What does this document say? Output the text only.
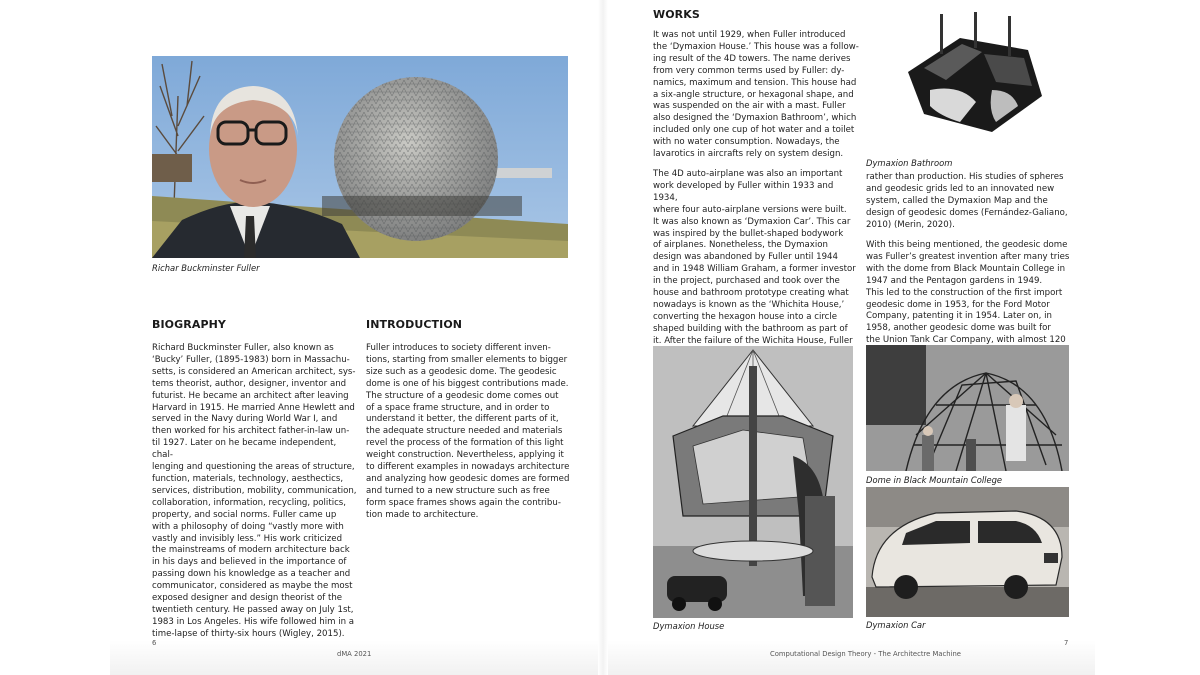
Richar Buckminster Fuller
BIOGRAPHY
Richard Buckminster Fuller, also known as
‘Bucky’ Fuller, (1895-1983) born in Massachu-
setts, is considered an American architect, sys-
tems theorist, author, designer, inventor and
futurist. He became an architect after leaving
Harvard in 1915. He married Anne Hewlett and
served in the Navy during World War I, and
then worked for his architect father-in-law un-
til 1927. Later on he became independent, chal-
lenging and questioning the areas of structure,
function, materials, technology, aesthectics,
services, distribution, mobility, communication,
collaboration, information, recycling, politics,
property, and social norms. Fuller came up
with a philosophy of doing “vastly more with
vastly and invisibly less.” His work criticized
the mainstreams of modern architecture back
in his days and believed in the importance of
passing down his knowledge as a teacher and
communicator, considered as maybe the most
exposed designer and design theorist of the
twentieth century. He passed away on July 1st,
1983 in Los Angeles. His wife followed him in a
time-lapse of thirty-six hours (Wigley, 2015).
INTRODUCTION
Fuller introduces to society different inven-
tions, starting from smaller elements to bigger
size such as a geodesic dome. The geodesic
dome is one of his biggest contributions made.
The structure of a geodesic dome comes out
of a space frame structure, and in order to
understand it better, the different parts of it,
the adequate structure needed and materials
revel the process of the formation of this light
weight construction. Nevertheless, applying it
to different examples in nowadays architecture
and analyzing how geodesic domes are formed
and turned to a new structure such as free
form space frames shows again the contribu-
tion made to architecture.
6
dMA 2021
WORKS
It was not until 1929, when Fuller introduced
the ‘Dymaxion House.’ This house was a follow-
ing result of the 4D towers. The name derives
from very common terms used by Fuller: dy-
namics, maximum and tension. This house had
a six-angle structure, or hexagonal shape, and
was suspended on the air with a mast. Fuller
also designed the ‘Dymaxion Bathroom’, which
included only one cup of hot water and a toilet
with no water consumption. Nowadays, the
lavarotics in aircrafts rely on system design.
The 4D auto-airplane was also an important
work developed by Fuller within 1933 and 1934,
where four auto-airplane versions were built.
It was also known as ‘Dymaxion Car’. This car
was inspired by the bullet-shaped bodywork
of airplanes. Nonetheless, the Dymaxion
design was abandoned by Fuller until 1944
and in 1948 William Graham, a former investor
in the project, purchased and took over the
house and bathroom prototype creating what
nowadays is known as the ‘Whichita House,’
converting the hexagon house into a circle
shaped building with the bathroom as part of
it. After the failure of the Wichita House, Fuller

Dymaxion Bathroom
rather than production. His studies of spheres
and geodesic grids led to an innovated new
system, called the Dymaxion Map and the
design of geodesic domes (Fernández-Galiano,
2010) (Merin, 2020).
With this being mentioned, the geodesic dome
was Fuller’s greatest invention after many tries
with the dome from Black Mountain College in
1947 and the Pentagon gardens in 1949.
This led to the construction of the first import
geodesic dome in 1953, for the Ford Motor
Company, patenting it in 1954. Later on, in
1958, another geodesic dome was built for
the Union Tank Car Company, with almost 120
Dymaxion House
Dome in Black Mountain College
Dymaxion Car
7
Computational Design Theory - The Architectre Machine
